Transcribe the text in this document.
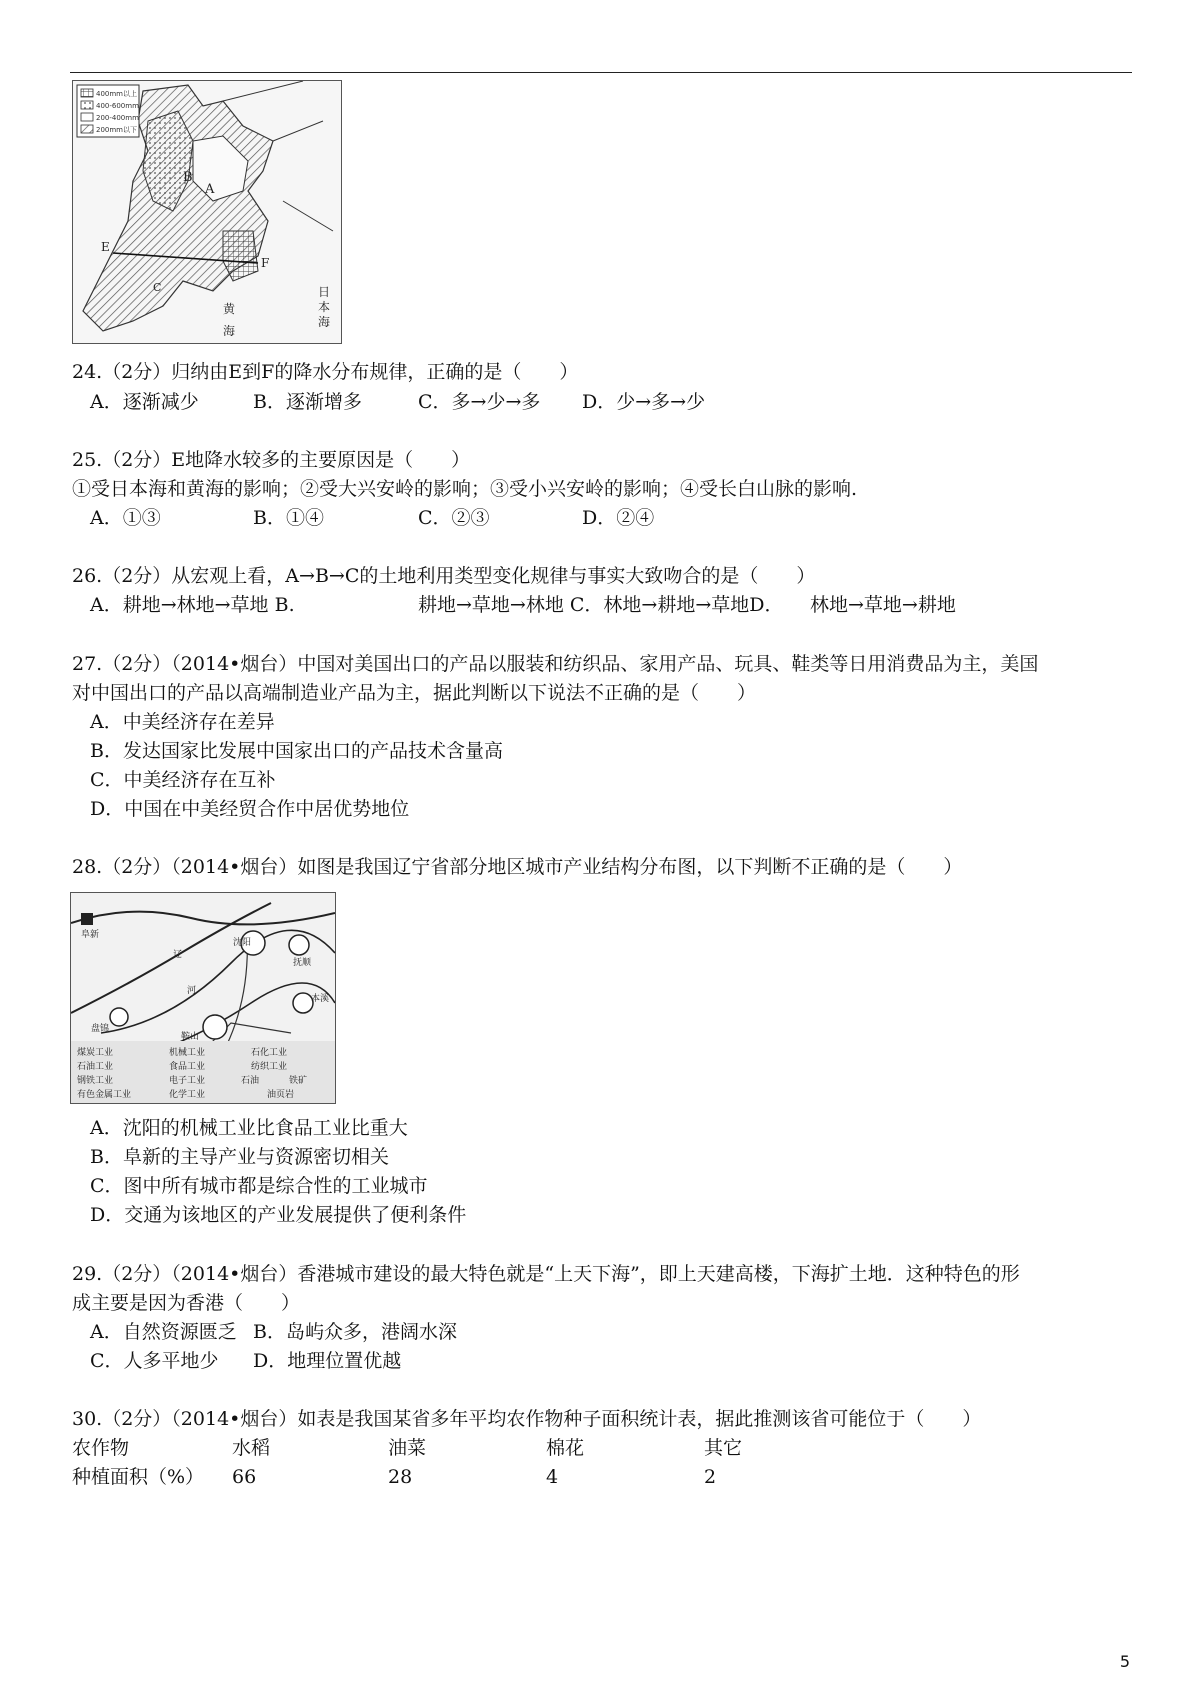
400mm以上
400-600mm
200-400mm
200mm以下
A
B
E
F
C
黄
海
日
本
海
24.（2分）归纳由E到F的降水分布规律，正确的是（　　）
A．逐渐减少	B．逐渐增多	C．多→少→多 D．少→多→少
25.（2分）E地降水较多的主要原因是（　　）
①受日本海和黄海的影响；②受大兴安岭的影响；③受小兴安岭的影响；④受长白山脉的影响.
A．①③	B．①④	C．②③	D．②④
26.（2分）从宏观上看，A→B→C的土地利用类型变化规律与事实大致吻合的是（　　）
A．耕地→林地→草地 B.	耕地→草地→林地 C．林地→耕地→草地D． 林地→草地→耕地
27.（2分）（2014•烟台）中国对美国出口的产品以服装和纺织品、家用产品、玩具、鞋类等日用消费品为主，美国
对中国出口的产品以高端制造业产品为主，据此判断以下说法不正确的是（　　）
A．中美经济存在差异
B．发达国家比发展中国家出口的产品技术含量高
C．中美经济存在互补
D．中国在中美经贸合作中居优势地位
28.（2分）（2014•烟台）如图是我国辽宁省部分地区城市产业结构分布图，以下判断不正确的是（　　）
阜新
沈阳
抚顺
本溪
盘锦
鞍山
辽
河
煤炭工业	机械工业	石化工业
石油工业	食品工业	纺织工业
钢铁工业	电子工业	石油	铁矿
有色金属工业	化学工业	油页岩
A．沈阳的机械工业比食品工业比重大
B．阜新的主导产业与资源密切相关
C．图中所有城市都是综合性的工业城市
D．交通为该地区的产业发展提供了便利条件
29.（2分）（2014•烟台）香港城市建设的最大特色就是“上天下海”，即上天建高楼，下海扩土地．这种特色的形
成主要是因为香港（　　）
A．自然资源匮乏 B．岛屿众多，港阔水深
C．人多平地少 D．地理位置优越
30.（2分）（2014•烟台）如表是我国某省多年平均农作物种子面积统计表，据此推测该省可能位于（　　）
农作物	水稻	油菜	棉花	其它
种植面积（%） 66	28	4	2
5
